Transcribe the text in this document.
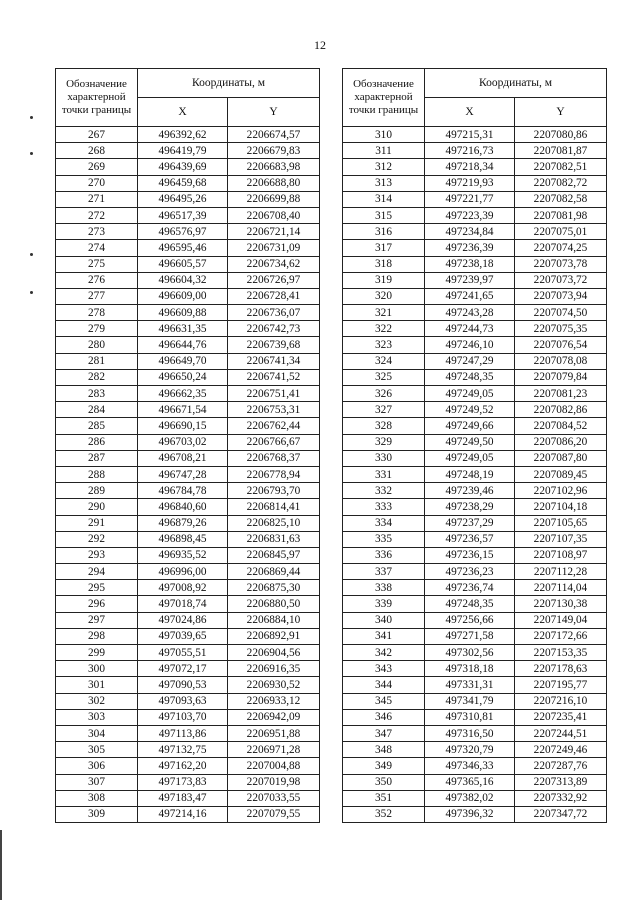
12
Обозначение характерной точки границы	Координаты, м	
	X	Y
267	496392,62	2206674,57
268	496419,79	2206679,83
269	496439,69	2206683,98
270	496459,68	2206688,80
271	496495,26	2206699,88
272	496517,39	2206708,40
273	496576,97	2206721,14
274	496595,46	2206731,09
275	496605,57	2206734,62
276	496604,32	2206726,97
277	496609,00	2206728,41
278	496609,88	2206736,07
279	496631,35	2206742,73
280	496644,76	2206739,68
281	496649,70	2206741,34
282	496650,24	2206741,52
283	496662,35	2206751,41
284	496671,54	2206753,31
285	496690,15	2206762,44
286	496703,02	2206766,67
287	496708,21	2206768,37
288	496747,28	2206778,94
289	496784,78	2206793,70
290	496840,60	2206814,41
291	496879,26	2206825,10
292	496898,45	2206831,63
293	496935,52	2206845,97
294	496996,00	2206869,44
295	497008,92	2206875,30
296	497018,74	2206880,50
297	497024,86	2206884,10
298	497039,65	2206892,91
299	497055,51	2206904,56
300	497072,17	2206916,35
301	497090,53	2206930,52
302	497093,63	2206933,12
303	497103,70	2206942,09
304	497113,86	2206951,88
305	497132,75	2206971,28
306	497162,20	2207004,88
307	497173,83	2207019,98
308	497183,47	2207033,55
309	497214,16	2207079,55
Обозначение характерной точки границы	Координаты, м	
	X	Y
310	497215,31	2207080,86
311	497216,73	2207081,87
312	497218,34	2207082,51
313	497219,93	2207082,72
314	497221,77	2207082,58
315	497223,39	2207081,98
316	497234,84	2207075,01
317	497236,39	2207074,25
318	497238,18	2207073,78
319	497239,97	2207073,72
320	497241,65	2207073,94
321	497243,28	2207074,50
322	497244,73	2207075,35
323	497246,10	2207076,54
324	497247,29	2207078,08
325	497248,35	2207079,84
326	497249,05	2207081,23
327	497249,52	2207082,86
328	497249,66	2207084,52
329	497249,50	2207086,20
330	497249,05	2207087,80
331	497248,19	2207089,45
332	497239,46	2207102,96
333	497238,29	2207104,18
334	497237,29	2207105,65
335	497236,57	2207107,35
336	497236,15	2207108,97
337	497236,23	2207112,28
338	497236,74	2207114,04
339	497248,35	2207130,38
340	497256,66	2207149,04
341	497271,58	2207172,66
342	497302,56	2207153,35
343	497318,18	2207178,63
344	497331,31	2207195,77
345	497341,79	2207216,10
346	497310,81	2207235,41
347	497316,50	2207244,51
348	497320,79	2207249,46
349	497346,33	2207287,76
350	497365,16	2207313,89
351	497382,02	2207332,92
352	497396,32	2207347,72
